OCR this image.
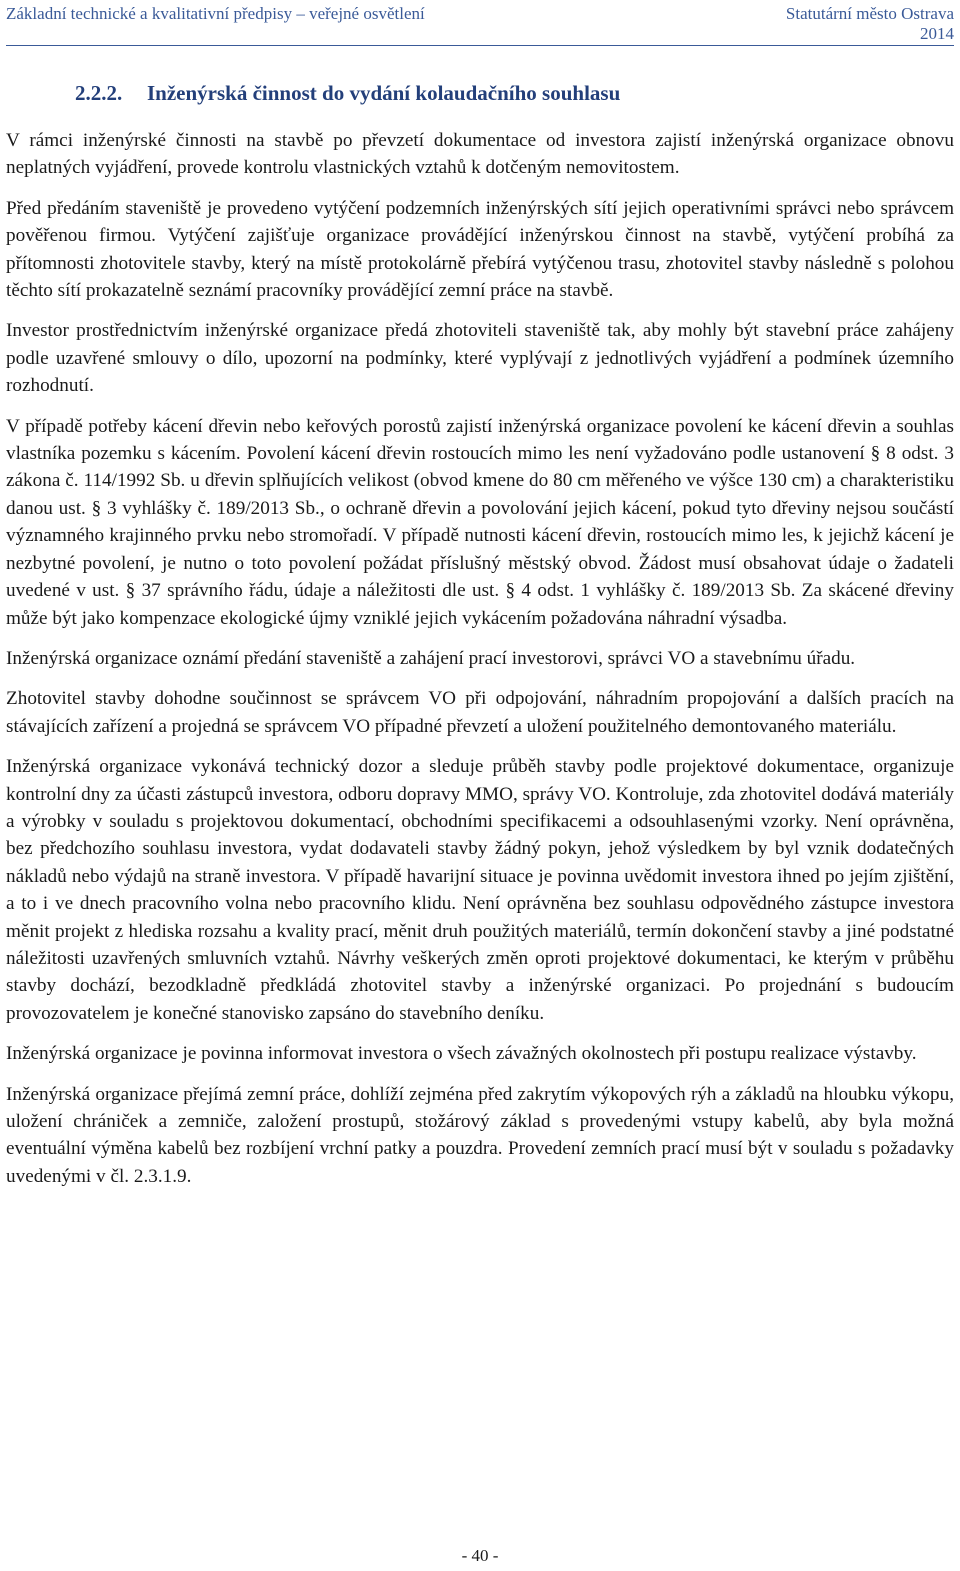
Základní technické a kvalitativní předpisy – veřejné osvětlení	Statutární město Ostrava
2014
2.2.2. Inženýrská činnost do vydání kolaudačního souhlasu

V rámci inženýrské činnosti na stavbě po převzetí dokumentace od investora zajistí inženýrská organizace obnovu neplatných vyjádření, provede kontrolu vlastnických vztahů k dotčeným nemovitostem.

Před předáním staveniště je provedeno vytýčení podzemních inženýrských sítí jejich operativními správci nebo správcem pověřenou firmou. Vytýčení zajišťuje organizace provádějící inženýrskou činnost na stavbě, vytýčení probíhá za přítomnosti zhotovitele stavby, který na místě protokolárně přebírá vytýčenou trasu, zhotovitel stavby následně s polohou těchto sítí prokazatelně seznámí pracovníky provádějící zemní práce na stavbě.

Investor prostřednictvím inženýrské organizace předá zhotoviteli staveniště tak, aby mohly být stavební práce zahájeny podle uzavřené smlouvy o dílo, upozorní na podmínky, které vyplývají z jednotlivých vyjádření a podmínek územního rozhodnutí.

V případě potřeby kácení dřevin nebo keřových porostů zajistí inženýrská organizace povolení ke kácení dřevin a souhlas vlastníka pozemku s kácením. Povolení kácení dřevin rostoucích mimo les není vyžadováno podle ustanovení § 8 odst. 3 zákona č. 114/1992 Sb. u dřevin splňujících velikost (obvod kmene do 80 cm měřeného ve výšce 130 cm) a charakteristiku danou ust. § 3 vyhlášky č. 189/2013 Sb., o ochraně dřevin a povolování jejich kácení, pokud tyto dřeviny nejsou součástí významného krajinného prvku nebo stromořadí. V případě nutnosti kácení dřevin, rostoucích mimo les, k jejichž kácení je nezbytné povolení, je nutno o toto povolení požádat příslušný městský obvod. Žádost musí obsahovat údaje o žadateli uvedené v ust. § 37 správního řádu, údaje a náležitosti dle ust. § 4 odst. 1 vyhlášky č. 189/2013 Sb. Za skácené dřeviny může být jako kompenzace ekologické újmy vzniklé jejich vykácením požadována náhradní výsadba.

Inženýrská organizace oznámí předání staveniště a zahájení prací investorovi, správci VO a stavebnímu úřadu.

Zhotovitel stavby dohodne součinnost se správcem VO při odpojování, náhradním propojování a dalších pracích na stávajících zařízení a projedná se správcem VO případné převzetí a uložení použitelného demontovaného materiálu.

Inženýrská organizace vykonává technický dozor a sleduje průběh stavby podle projektové dokumentace, organizuje kontrolní dny za účasti zástupců investora, odboru dopravy MMO, správy VO. Kontroluje, zda zhotovitel dodává materiály a výrobky v souladu s projektovou dokumentací, obchodními specifikacemi a odsouhlasenými vzorky. Není oprávněna, bez předchozího souhlasu investora, vydat dodavateli stavby žádný pokyn, jehož výsledkem by byl vznik dodatečných nákladů nebo výdajů na straně investora. V případě havarijní situace je povinna uvědomit investora ihned po jejím zjištění, a to i ve dnech pracovního volna nebo pracovního klidu. Není oprávněna bez souhlasu odpovědného zástupce investora měnit projekt z hlediska rozsahu a kvality prací, měnit druh použitých materiálů, termín dokončení stavby a jiné podstatné náležitosti uzavřených smluvních vztahů. Návrhy veškerých změn oproti projektové dokumentaci, ke kterým v průběhu stavby dochází, bezodkladně předkládá zhotovitel stavby a inženýrské organizaci. Po projednání s budoucím provozovatelem je konečné stanovisko zapsáno do stavebního deníku.

Inženýrská organizace je povinna informovat investora o všech závažných okolnostech při postupu realizace výstavby.

Inženýrská organizace přejímá zemní práce, dohlíží zejména před zakrytím výkopových rýh a základů na hloubku výkopu, uložení chrániček a zemniče, založení prostupů, stožárový základ s provedenými vstupy kabelů, aby byla možná eventuální výměna kabelů bez rozbíjení vrchní patky a pouzdra. Provedení zemních prací musí být v souladu s požadavky uvedenými v čl. 2.3.1.9.

- 40 -
